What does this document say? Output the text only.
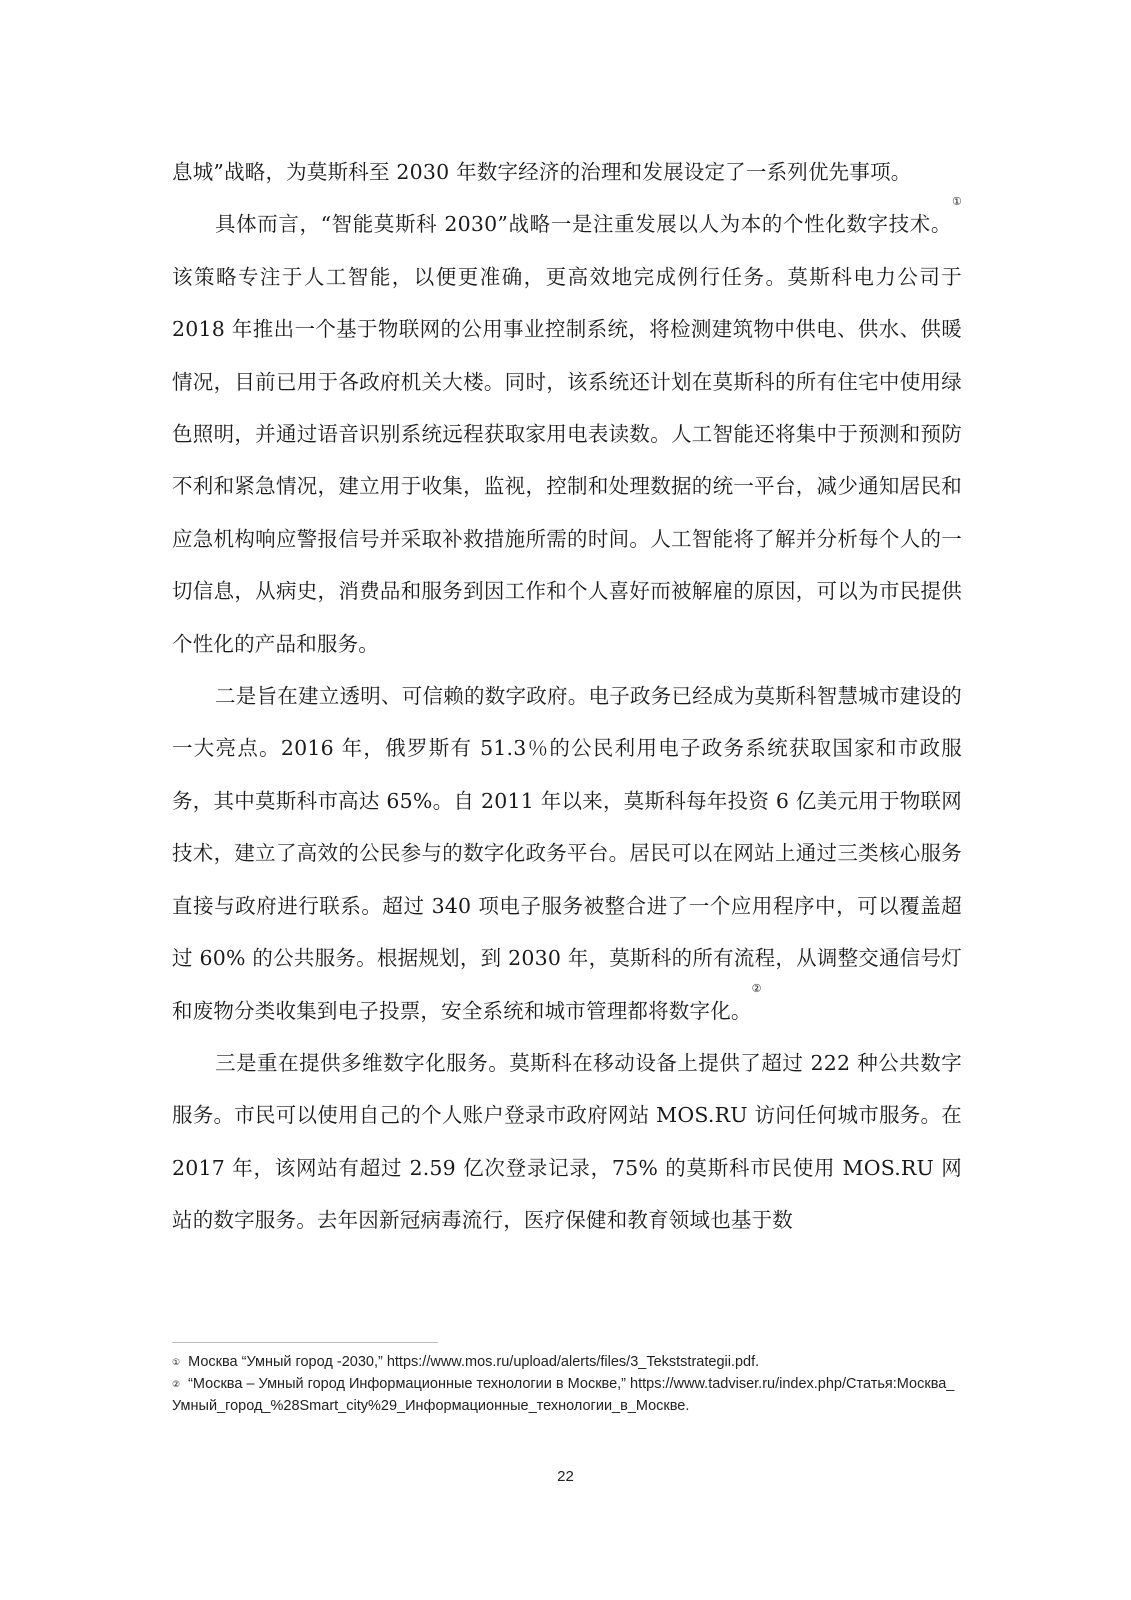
息城”战略，为莫斯科至 2030 年数字经济的治理和发展设定了一系列优先事项。

具体而言，“智能莫斯科 2030”战略一是注重发展以人为本的个性化数字技术。①该策略专注于人工智能，以便更准确，更高效地完成例行任务。莫斯科电力公司于 2018 年推出一个基于物联网的公用事业控制系统，将检测建筑物中供电、供水、供暖情况，目前已用于各政府机关大楼。同时，该系统还计划在莫斯科的所有住宅中使用绿色照明，并通过语音识别系统远程获取家用电表读数。人工智能还将集中于预测和预防不利和紧急情况，建立用于收集，监视，控制和处理数据的统一平台，减少通知居民和应急机构响应警报信号并采取补救措施所需的时间。人工智能将了解并分析每个人的一切信息，从病史，消费品和服务到因工作和个人喜好而被解雇的原因，可以为市民提供个性化的产品和服务。

二是旨在建立透明、可信赖的数字政府。电子政务已经成为莫斯科智慧城市建设的一大亮点。2016 年，俄罗斯有 51.3％的公民利用电子政务系统获取国家和市政服务，其中莫斯科市高达 65%。自 2011 年以来，莫斯科每年投资 6 亿美元用于物联网技术，建立了高效的公民参与的数字化政务平台。居民可以在网站上通过三类核心服务直接与政府进行联系。超过 340 项电子服务被整合进了一个应用程序中，可以覆盖超过 60% 的公共服务。根据规划，到 2030 年，莫斯科的所有流程，从调整交通信号灯和废物分类收集到电子投票，安全系统和城市管理都将数字化。②

三是重在提供多维数字化服务。莫斯科在移动设备上提供了超过 222 种公共数字服务。市民可以使用自己的个人账户登录市政府网站 MOS.RU 访问任何城市服务。在 2017 年，该网站有超过 2.59 亿次登录记录，75% 的莫斯科市民使用 MOS.RU 网站的数字服务。去年因新冠病毒流行，医疗保健和教育领域也基于数

① Москва “Умный город -2030,” https://www.mos.ru/upload/alerts/files/3_Tekststrategii.pdf.

② “Москва – Умный город Информационные технологии в Москве,” https://www.tadviser.ru/index.php/Статья:Москва_Умный_город_%28Smart_city%29_Информационные_технологии_в_Москве.

22
